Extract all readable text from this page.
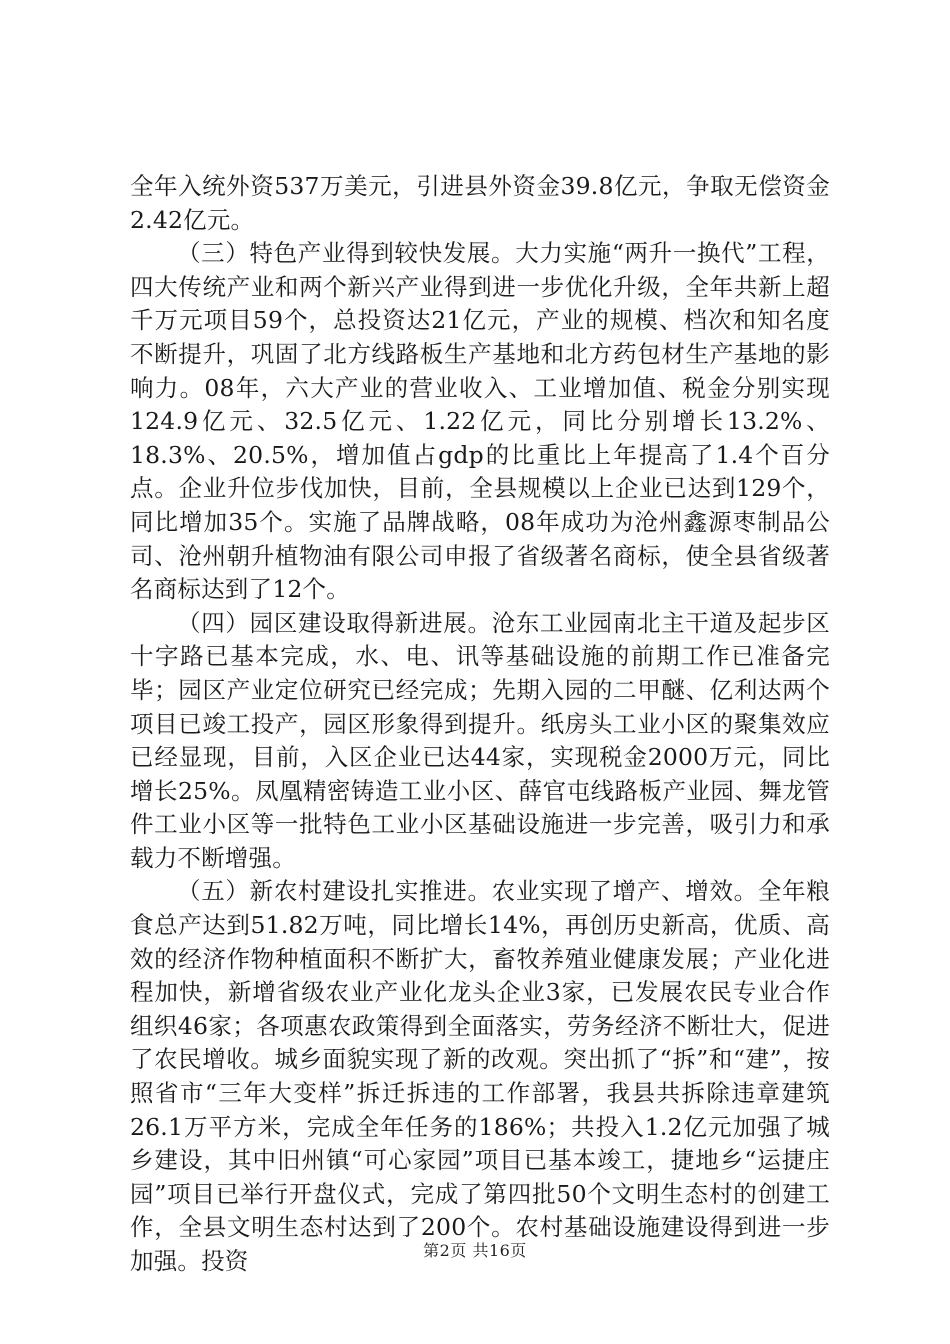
全年入统外资537万美元，引进县外资金39.8亿元，争取无偿资金2.42亿元。

（三）特色产业得到较快发展。大力实施“两升一换代”工程，四大传统产业和两个新兴产业得到进一步优化升级，全年共新上超千万元项目59个，总投资达21亿元，产业的规模、档次和知名度不断提升，巩固了北方线路板生产基地和北方药包材生产基地的影响力。08年，六大产业的营业收入、工业增加值、税金分别实现124.9亿元、32.5亿元、1.22亿元，同比分别增长13.2%、18.3%、20.5%，增加值占gdp的比重比上年提高了1.4个百分点。企业升位步伐加快，目前，全县规模以上企业已达到129个，同比增加35个。实施了品牌战略，08年成功为沧州鑫源枣制品公司、沧州朝升植物油有限公司申报了省级著名商标，使全县省级著名商标达到了12个。

（四）园区建设取得新进展。沧东工业园南北主干道及起步区十字路已基本完成，水、电、讯等基础设施的前期工作已准备完毕；园区产业定位研究已经完成；先期入园的二甲醚、亿利达两个项目已竣工投产，园区形象得到提升。纸房头工业小区的聚集效应已经显现，目前，入区企业已达44家，实现税金2000万元，同比增长25%。凤凰精密铸造工业小区、薛官屯线路板产业园、舞龙管件工业小区等一批特色工业小区基础设施进一步完善，吸引力和承载力不断增强。

（五）新农村建设扎实推进。农业实现了增产、增效。全年粮食总产达到51.82万吨，同比增长14%，再创历史新高，优质、高效的经济作物种植面积不断扩大，畜牧养殖业健康发展；产业化进程加快，新增省级农业产业化龙头企业3家，已发展农民专业合作组织46家；各项惠农政策得到全面落实，劳务经济不断壮大，促进了农民增收。城乡面貌实现了新的改观。突出抓了“拆”和“建”，按照省市“三年大变样”拆迁拆违的工作部署，我县共拆除违章建筑26.1万平方米，完成全年任务的186%；共投入1.2亿元加强了城乡建设，其中旧州镇“可心家园”项目已基本竣工，捷地乡“运捷庄园”项目已举行开盘仪式，完成了第四批50个文明生态村的创建工作，全县文明生态村达到了200个。农村基础设施建设得到进一步加强。投资	第2页 共16页
